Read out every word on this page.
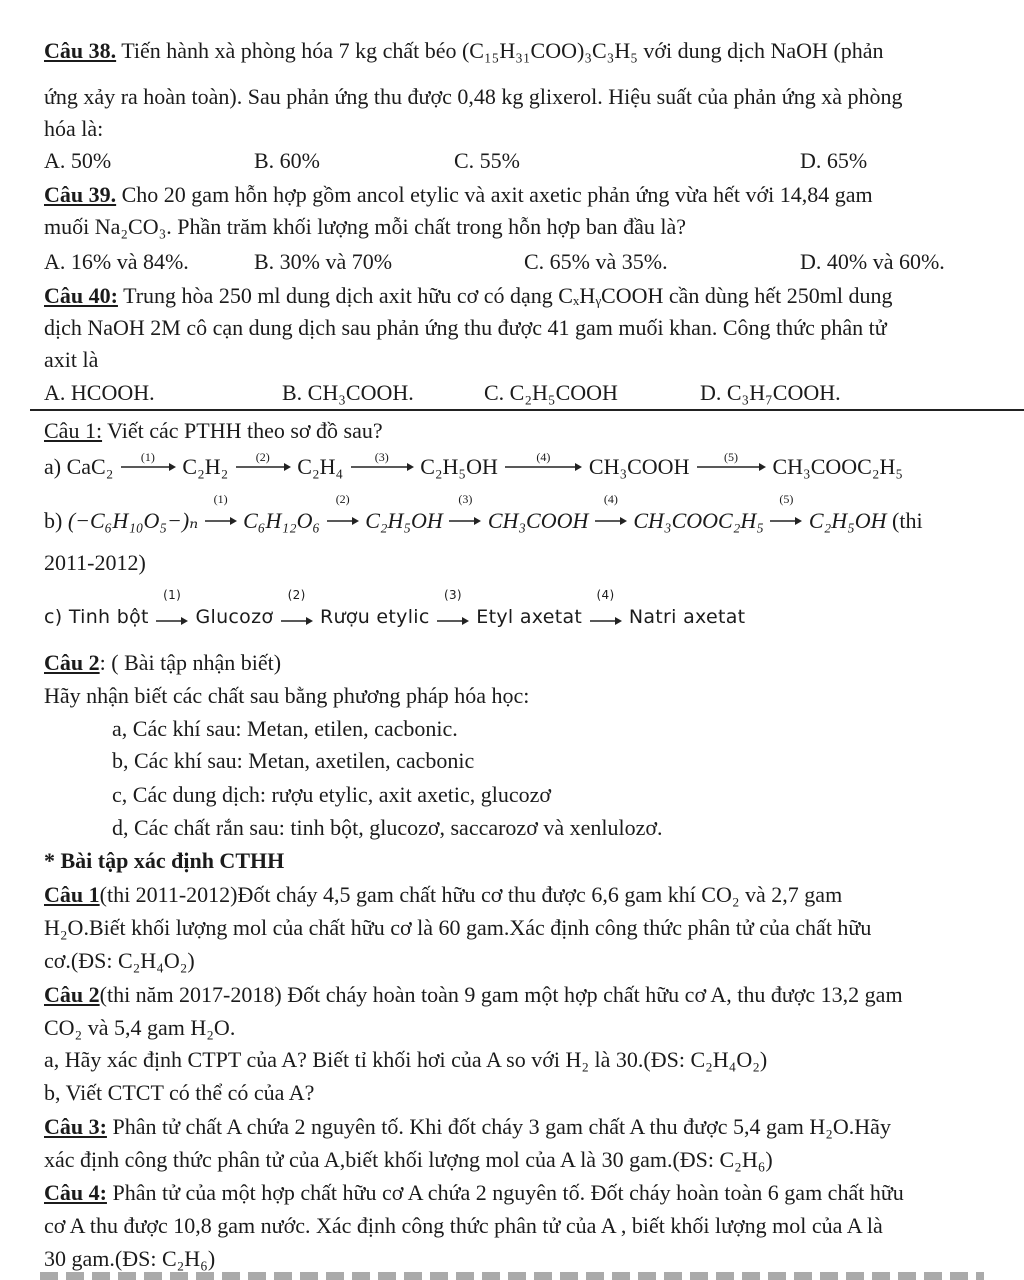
Câu 38. Tiến hành xà phòng hóa 7 kg chất béo (C₁₅H₃₁COO)₃C₃H₅ với dung dịch NaOH (phản
ứng xảy ra hoàn toàn). Sau phản ứng thu được 0,48 kg glixerol. Hiệu suất của phản ứng xà phòng
hóa là:
A. 50%	B. 60%	C. 55%	D. 65%
Câu 39. Cho 20 gam hỗn hợp gồm ancol etylic và axit axetic phản ứng vừa hết với 14,84 gam
muối Na₂CO₃. Phần trăm khối lượng mỗi chất trong hỗn hợp ban đầu là?
A. 16% và 84%.	B. 30% và 70%	C. 65% và 35%.	D. 40% và 60%.
Câu 40: Trung hòa 250 ml dung dịch axit hữu cơ có dạng CₓHᵧCOOH cần dùng hết 250ml dung
dịch NaOH 2M cô cạn dung dịch sau phản ứng thu được 41 gam muối khan. Công thức phân tử
axit là
A. HCOOH.	B. CH₃COOH.	C. C₂H₅COOH	D. C₃H₇COOH.
Câu 1: Viết các PTHH theo sơ đồ sau?
a) CaC₂	(1)	C₂H₂	(2)	C₂H₄	(3)	C₂H₅OH	(4)	CH₃COOH	(5)	CH₃COOC₂H₅
b) (−C₆H₁₀O₅−)ₙ
(1)
C₆H₁₂O₆
(2)
C₂H₅OH
(3)
CH₃COOH
(4)
CH₃COOC₂H₅
(5)
C₂H₅OH (thi
2011-2012)
c) Tinh bột
(1)
Glucozơ
(2)
Rượu etylic
(3)
Etyl axetat
(4)
Natri axetat
Câu 2: ( Bài tập nhận biết)
Hãy nhận biết các chất sau bằng phương pháp hóa học:
a, Các khí sau: Metan, etilen, cacbonic.
b, Các khí sau: Metan, axetilen, cacbonic
c, Các dung dịch: rượu etylic, axit axetic, glucozơ
d, Các chất rắn sau: tinh bột, glucozơ, saccarozơ và xenlulozơ.
* Bài tập xác định CTHH
Câu 1(thi 2011-2012)Đốt cháy 4,5 gam chất hữu cơ thu được 6,6 gam khí CO₂ và 2,7 gam
H₂O.Biết khối lượng mol của chất hữu cơ là 60 gam.Xác định công thức phân tử của chất hữu
cơ.(ĐS: C₂H₄O₂)
Câu 2(thi năm 2017-2018) Đốt cháy hoàn toàn 9 gam một hợp chất hữu cơ A, thu được 13,2 gam
CO₂ và 5,4 gam H₂O.
a, Hãy xác định CTPT của A? Biết tỉ khối hơi của A so với H₂ là 30.(ĐS: C₂H₄O₂)
b, Viết CTCT có thể có của A?
Câu 3: Phân tử chất A chứa 2 nguyên tố. Khi đốt cháy 3 gam chất A thu được 5,4 gam H₂O.Hãy
xác định công thức phân tử của A,biết khối lượng mol của A là 30 gam.(ĐS: C₂H₆)
Câu 4: Phân tử của một hợp chất hữu cơ A chứa 2 nguyên tố. Đốt cháy hoàn toàn 6 gam chất hữu
cơ A thu được 10,8 gam nước. Xác định công thức phân tử của A , biết khối lượng mol của A là
30 gam.(ĐS: C₂H₆)
